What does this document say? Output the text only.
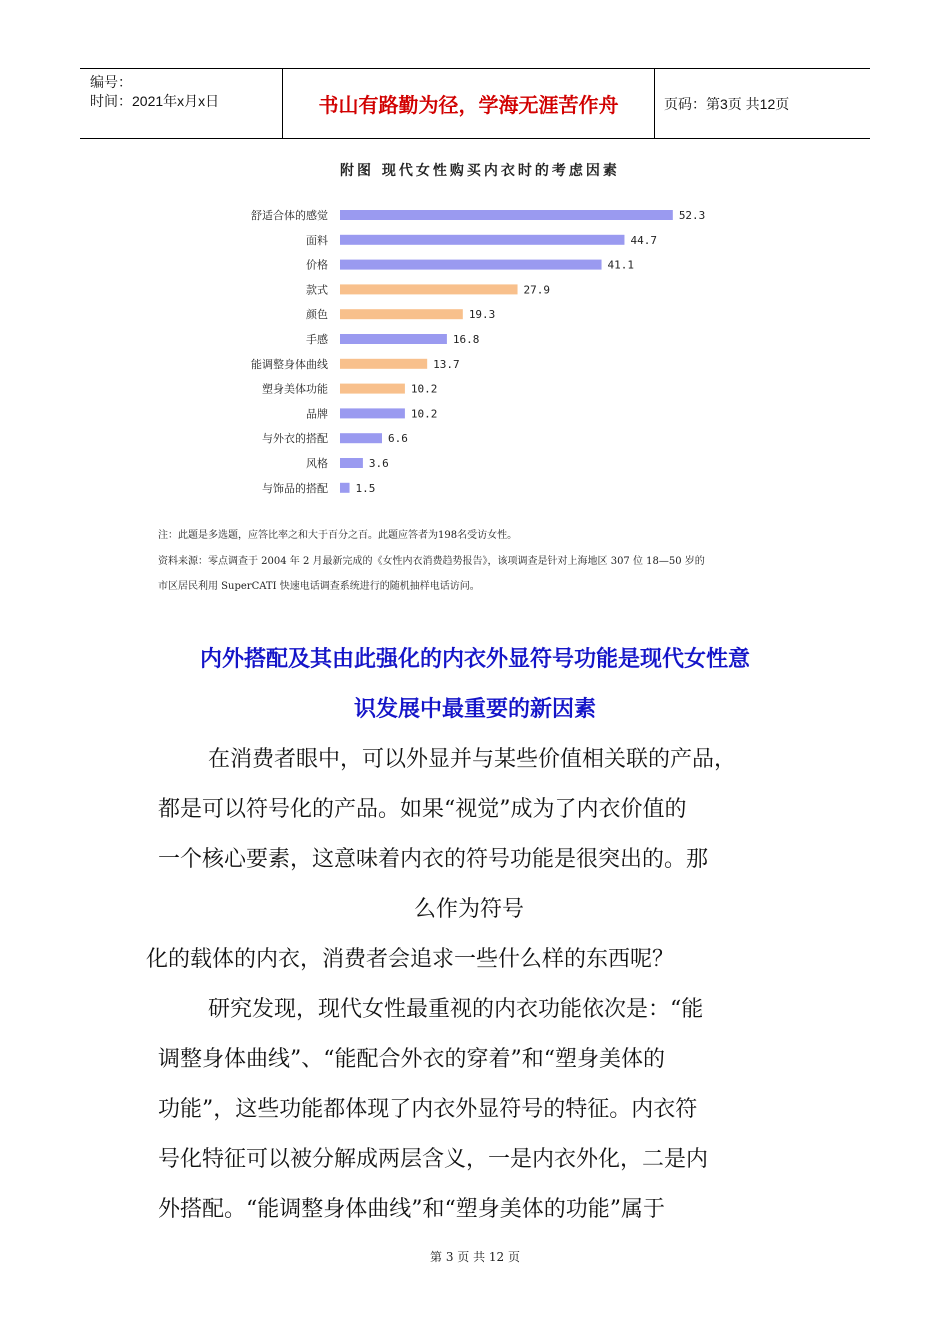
编号：
时间：2021年x月x日	书山有路勤为径，学海无涯苦作舟	页码：第3页 共12页
附图 现代女性购买内衣时的考虑因素
舒适合体的感觉	52.3
面料	44.7
价格	41.1
款式	27.9
颜色	19.3
手感	16.8
能调整身体曲线	13.7
塑身美体功能	10.2
品牌	10.2
与外衣的搭配	6.6
风格	3.6
与饰品的搭配	1.5
注：此题是多选题，应答比率之和大于百分之百。此题应答者为198名受访女性。
资料来源：零点调查于 2004 年 2 月最新完成的《女性内衣消费趋势报告》，该项调查是针对上海地区 307 位 18—50 岁的
市区居民利用 SuperCATI 快速电话调查系统进行的随机抽样电话访问。
内外搭配及其由此强化的内衣外显符号功能是现代女性意
识发展中最重要的新因素
在消费者眼中，可以外显并与某些价值相关联的产品，
都是可以符号化的产品。如果“视觉”成为了内衣价值的
一个核心要素，这意味着内衣的符号功能是很突出的。那
么作为符号
化的载体的内衣，消费者会追求一些什么样的东西呢？
研究发现，现代女性最重视的内衣功能依次是：“能
调整身体曲线”、“能配合外衣的穿着”和“塑身美体的
功能”，这些功能都体现了内衣外显符号的特征。内衣符
号化特征可以被分解成两层含义，一是内衣外化，二是内
外搭配。“能调整身体曲线”和“塑身美体的功能”属于
第 3 页 共 12 页
